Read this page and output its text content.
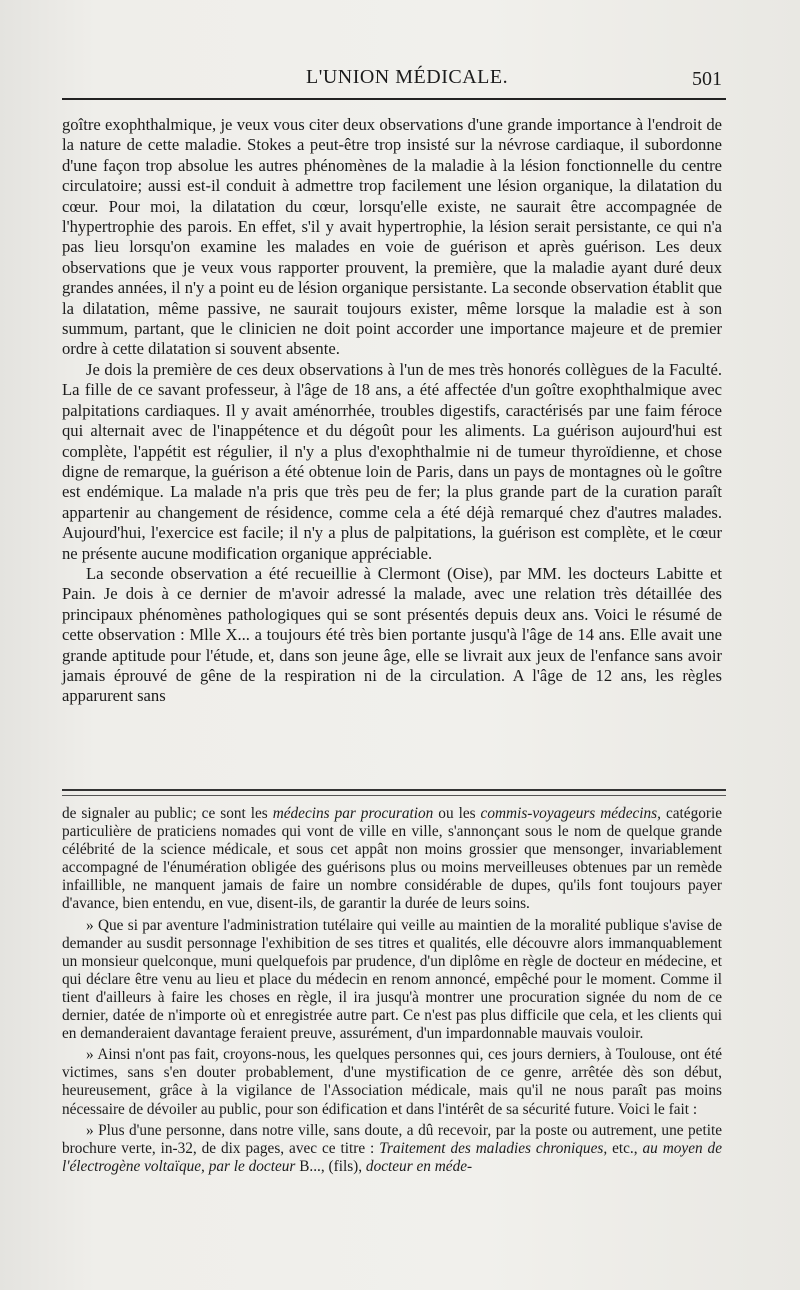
L'UNION MÉDICALE.	501

goître exophthalmique, je veux vous citer deux observations d'une grande importance à l'endroit de la nature de cette maladie. Stokes a peut-être trop insisté sur la névrose cardiaque, il subordonne d'une façon trop absolue les autres phénomènes de la maladie à la lésion fonctionnelle du centre circulatoire; aussi est-il conduit à admettre trop facilement une lésion organique, la dilatation du cœur. Pour moi, la dilatation du cœur, lorsqu'elle existe, ne saurait être accompagnée de l'hypertrophie des parois. En effet, s'il y avait hypertrophie, la lésion serait persistante, ce qui n'a pas lieu lorsqu'on examine les malades en voie de guérison et après guérison. Les deux observations que je veux vous rapporter prouvent, la première, que la maladie ayant duré deux grandes années, il n'y a point eu de lésion organique persistante. La seconde observation établit que la dilatation, même passive, ne saurait toujours exister, même lorsque la maladie est à son summum, partant, que le clinicien ne doit point accorder une importance majeure et de premier ordre à cette dilatation si souvent absente.

Je dois la première de ces deux observations à l'un de mes très honorés collègues de la Faculté. La fille de ce savant professeur, à l'âge de 18 ans, a été affectée d'un goître exophthalmique avec palpitations cardiaques. Il y avait aménorrhée, troubles digestifs, caractérisés par une faim féroce qui alternait avec de l'inappétence et du dégoût pour les aliments. La guérison aujourd'hui est complète, l'appétit est régulier, il n'y a plus d'exophthalmie ni de tumeur thyroïdienne, et chose digne de remarque, la guérison a été obtenue loin de Paris, dans un pays de montagnes où le goître est endémique. La malade n'a pris que très peu de fer; la plus grande part de la curation paraît appartenir au changement de résidence, comme cela a été déjà remarqué chez d'autres malades. Aujourd'hui, l'exercice est facile; il n'y a plus de palpitations, la guérison est complète, et le cœur ne présente aucune modification organique appréciable.

La seconde observation a été recueillie à Clermont (Oise), par MM. les docteurs Labitte et Pain. Je dois à ce dernier de m'avoir adressé la malade, avec une relation très détaillée des principaux phénomènes pathologiques qui se sont présentés depuis deux ans. Voici le résumé de cette observation : Mlle X... a toujours été très bien portante jusqu'à l'âge de 14 ans. Elle avait une grande aptitude pour l'étude, et, dans son jeune âge, elle se livrait aux jeux de l'enfance sans avoir jamais éprouvé de gêne de la respiration ni de la circulation. A l'âge de 12 ans, les règles apparurent sans

de signaler au public; ce sont les médecins par procuration ou les commis-voyageurs médecins, catégorie particulière de praticiens nomades qui vont de ville en ville, s'annonçant sous le nom de quelque grande célébrité de la science médicale, et sous cet appât non moins grossier que mensonger, invariablement accompagné de l'énumération obligée des guérisons plus ou moins merveilleuses obtenues par un remède infaillible, ne manquent jamais de faire un nombre considérable de dupes, qu'ils font toujours payer d'avance, bien entendu, en vue, disent-ils, de garantir la durée de leurs soins.

» Que si par aventure l'administration tutélaire qui veille au maintien de la moralité publique s'avise de demander au susdit personnage l'exhibition de ses titres et qualités, elle découvre alors immanquablement un monsieur quelconque, muni quelquefois par prudence, d'un diplôme en règle de docteur en médecine, et qui déclare être venu au lieu et place du médecin en renom annoncé, empêché pour le moment. Comme il tient d'ailleurs à faire les choses en règle, il ira jusqu'à montrer une procuration signée du nom de ce dernier, datée de n'importe où et enregistrée autre part. Ce n'est pas plus difficile que cela, et les clients qui en demanderaient davantage feraient preuve, assurément, d'un impardonnable mauvais vouloir.

» Ainsi n'ont pas fait, croyons-nous, les quelques personnes qui, ces jours derniers, à Toulouse, ont été victimes, sans s'en douter probablement, d'une mystification de ce genre, arrêtée dès son début, heureusement, grâce à la vigilance de l'Association médicale, mais qu'il ne nous paraît pas moins nécessaire de dévoiler au public, pour son édification et dans l'intérêt de sa sécurité future. Voici le fait :

» Plus d'une personne, dans notre ville, sans doute, a dû recevoir, par la poste ou autrement, une petite brochure verte, in-32, de dix pages, avec ce titre : Traitement des maladies chroniques, etc., au moyen de l'électrogène voltaïque, par le docteur B..., (fils), docteur en méde-
